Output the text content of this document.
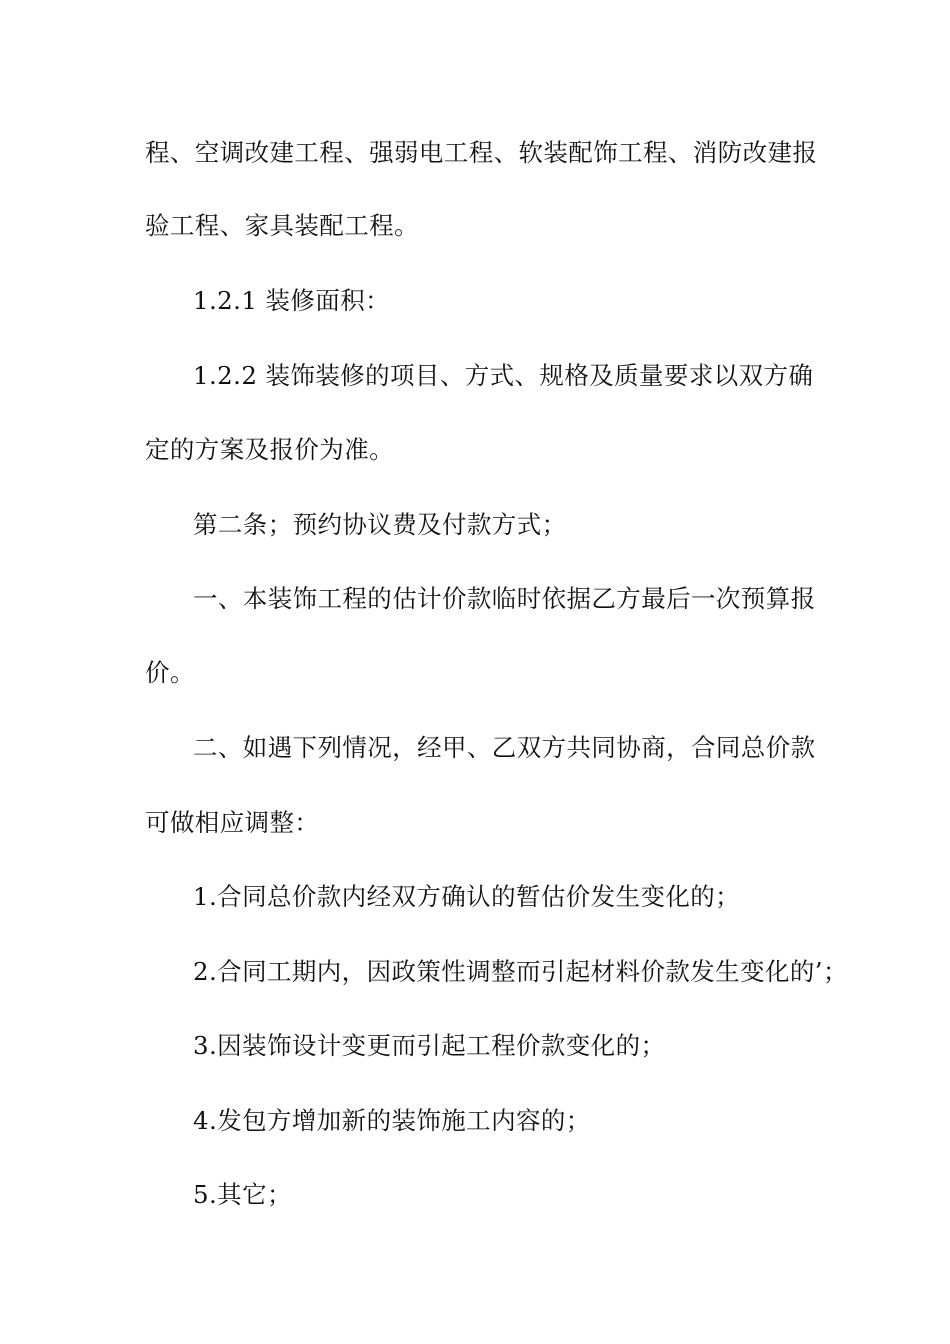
程、空调改建工程、强弱电工程、软装配饰工程、消防改建报
验工程、家具装配工程。
1.2.1 装修面积：
1.2.2 装饰装修的项目、方式、规格及质量要求以双方确
定的方案及报价为准。
第二条；预约协议费及付款方式；
一、本装饰工程的估计价款临时依据乙方最后一次预算报
价。
二、如遇下列情况，经甲、乙双方共同协商，合同总价款
可做相应调整：
1.合同总价款内经双方确认的暂估价发生变化的；
2.合同工期内，因政策性调整而引起材料价款发生变化的’；
3.因装饰设计变更而引起工程价款变化的；
4.发包方增加新的装饰施工内容的；
5.其它；
